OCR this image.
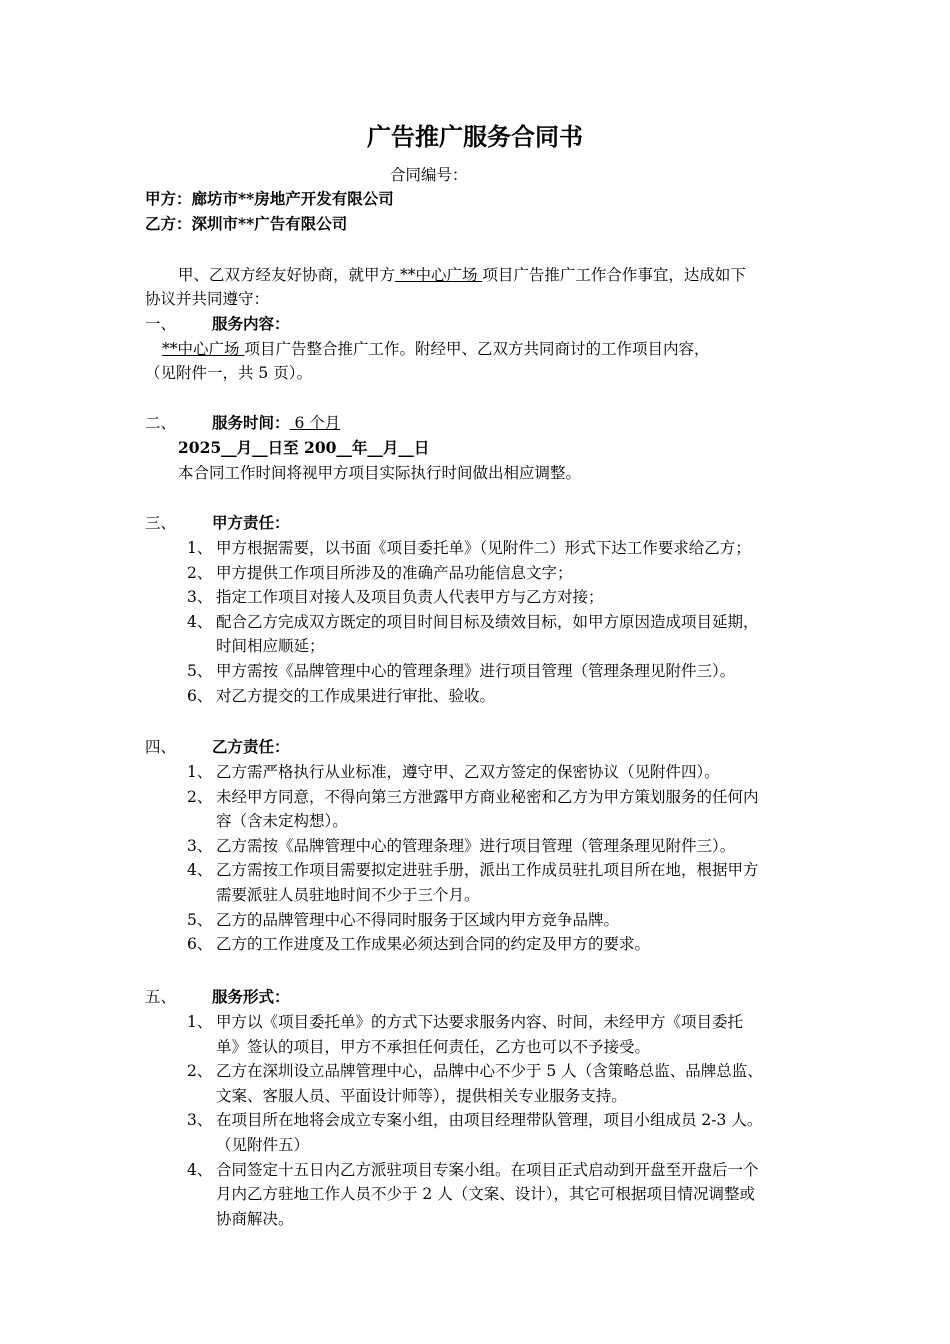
广告推广服务合同书
合同编号：
甲方：廊坊市**房地产开发有限公司
乙方：深圳市**广告有限公司
甲、乙双方经友好协商，就甲方 **中心广场 项目广告推广工作合作事宜，达成如下
协议并共同遵守：
一、 服务内容：
**中心广场 项目广告整合推广工作。附经甲、乙双方共同商讨的工作项目内容，
（见附件一，共 5 页）。
二、 服务时间： 6 个月
2025__月__日至 200__年__月__日
本合同工作时间将视甲方项目实际执行时间做出相应调整。
三、 甲方责任：
1、 甲方根据需要，以书面《项目委托单》（见附件二）形式下达工作要求给乙方；
2、 甲方提供工作项目所涉及的准确产品功能信息文字；
3、 指定工作项目对接人及项目负责人代表甲方与乙方对接；
4、 配合乙方完成双方既定的项目时间目标及绩效目标，如甲方原因造成项目延期，
时间相应顺延；
5、 甲方需按《品牌管理中心的管理条理》进行项目管理（管理条理见附件三）。
6、 对乙方提交的工作成果进行审批、验收。
四、 乙方责任：
1、 乙方需严格执行从业标准，遵守甲、乙双方签定的保密协议（见附件四）。
2、 未经甲方同意，不得向第三方泄露甲方商业秘密和乙方为甲方策划服务的任何内
容（含未定构想）。
3、 乙方需按《品牌管理中心的管理条理》进行项目管理（管理条理见附件三）。
4、 乙方需按工作项目需要拟定进驻手册，派出工作成员驻扎项目所在地，根据甲方
需要派驻人员驻地时间不少于三个月。
5、 乙方的品牌管理中心不得同时服务于区域内甲方竞争品牌。
6、 乙方的工作进度及工作成果必须达到合同的约定及甲方的要求。
五、 服务形式：
1、 甲方以《项目委托单》的方式下达要求服务内容、时间，未经甲方《项目委托
单》签认的项目，甲方不承担任何责任，乙方也可以不予接受。
2、 乙方在深圳设立品牌管理中心，品牌中心不少于 5 人（含策略总监、品牌总监、
文案、客服人员、平面设计师等），提供相关专业服务支持。
3、 在项目所在地将会成立专案小组，由项目经理带队管理，项目小组成员 2-3 人。
（见附件五）
4、 合同签定十五日内乙方派驻项目专案小组。在项目正式启动到开盘至开盘后一个
月内乙方驻地工作人员不少于 2 人（文案、设计），其它可根据项目情况调整或
协商解决。
